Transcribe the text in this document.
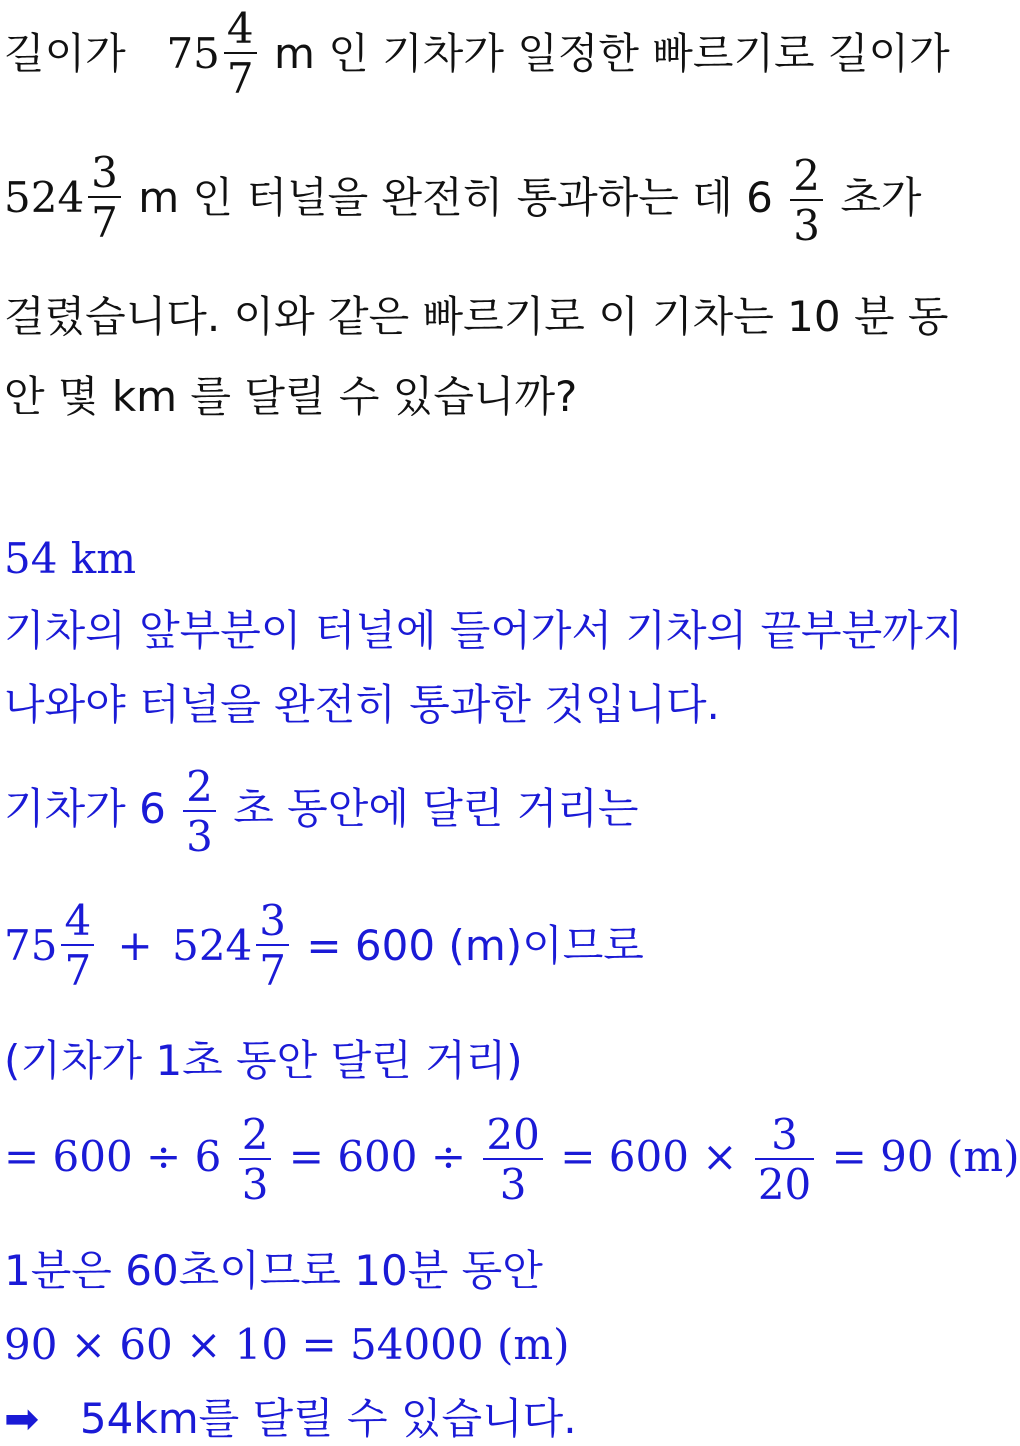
길이가 $75 \frac{4}{7}$ m 인 기차가 일정한 빠르기로 길이가
$524 \frac{3}{7}$ m 인 터널을 완전히 통과하는 데 $6 \frac{2}{3}$ 초가
걸렸습니다. 이와 같은 빠르기로 이 기차는 10 분 동
안 몇 km 를 달릴 수 있습니까?
54 km
기차의 앞부분이 터널에 들어가서 기차의 끝부분까지
나와야 터널을 완전히 통과한 것입니다.
기차가 $6 \frac{2}{3}$ 초 동안에 달린 거리는
$75 \frac{4}{7} + 524 \frac{3}{7} = 600$ (m)이므로
(기차가 1초 동안 달린 거리)
= $600 \div 6 \frac{2}{3} = 600 \div \frac{20}{3} = 600 \times \frac{3}{20} = 90$ (m)
1분은 60초이므로 10분 동안
90 × 60 × 10 = 54000 (m)
➡ 54km를 달릴 수 있습니다.
